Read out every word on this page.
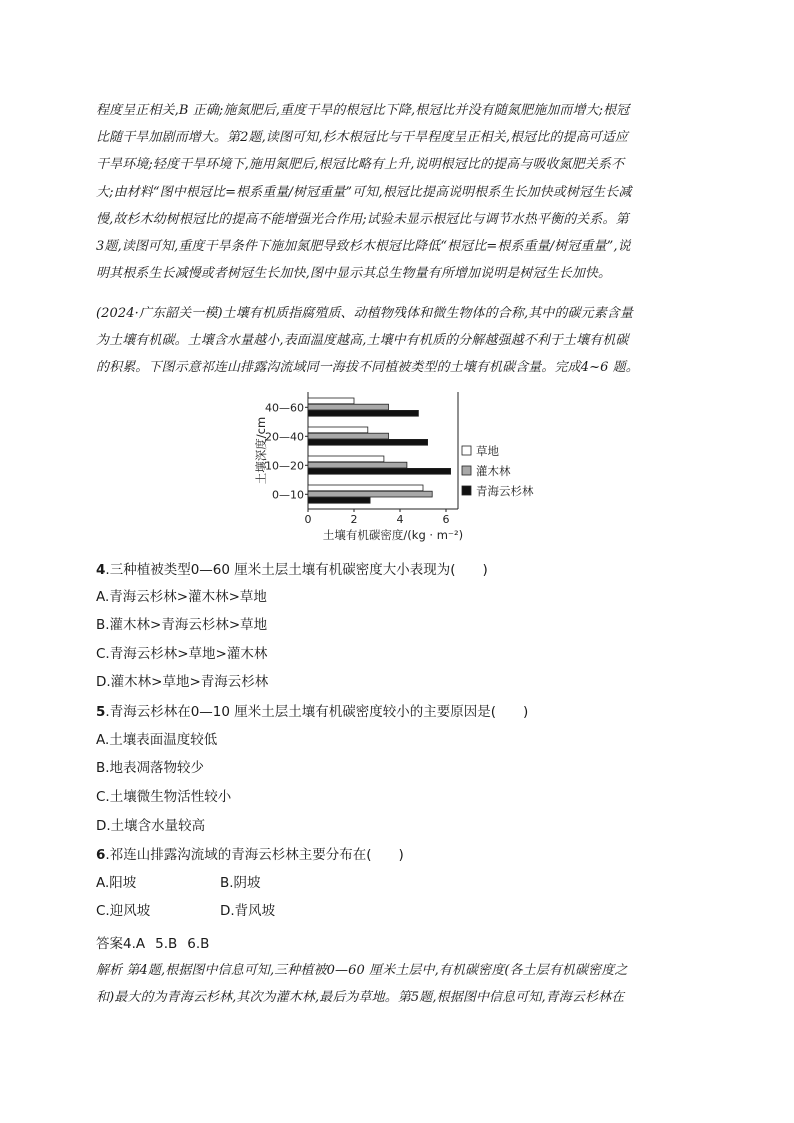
程度呈正相关,B 正确;施氮肥后,重度干旱的根冠比下降,根冠比并没有随氮肥施加而增大;根冠
比随干旱加剧而增大。第2题,读图可知,杉木根冠比与干旱程度呈正相关,根冠比的提高可适应
干旱环境;轻度干旱环境下,施用氮肥后,根冠比略有上升,说明根冠比的提高与吸收氮肥关系不
大;由材料“图中根冠比=根系重量/树冠重量”可知,根冠比提高说明根系生长加快或树冠生长减
慢,故杉木幼树根冠比的提高不能增强光合作用;试验未显示根冠比与调节水热平衡的关系。第
3题,读图可知,重度干旱条件下施加氮肥导致杉木根冠比降低“根冠比=根系重量/树冠重量”,说
明其根系生长减慢或者树冠生长加快,图中显示其总生物量有所增加说明是树冠生长加快。
(2024·广东韶关一模)土壤有机质指腐殖质、动植物残体和微生物体的合称,其中的碳元素含量
为土壤有机碳。土壤含水量越小,表面温度越高,土壤中有机质的分解越强越不利于土壤有机碳
的积累。下图示意祁连山排露沟流域同一海拔不同植被类型的土壤有机碳含量。完成4~6 题。
0	2	4	6
40—60
20—40
10—20
0—10
土壤深度/cm
土壤有机碳密度/(kg · m⁻²)
草地
灌木林
青海云杉林
4.三种植被类型0—60 厘米土层土壤有机碳密度大小表现为(　　)
A.青海云杉林>灌木林>草地
B.灌木林>青海云杉林>草地
C.青海云杉林>草地>灌木林
D.灌木林>草地>青海云杉林
5.青海云杉林在0—10 厘米土层土壤有机碳密度较小的主要原因是(　　)
A.土壤表面温度较低
B.地表凋落物较少
C.土壤微生物活性较小
D.土壤含水量较高
6.祁连山排露沟流域的青海云杉林主要分布在(　　)
A.阳坡	B.阴坡
C.迎风坡	D.背风坡
答案4.A 5.B 6.B
解析 第4题,根据图中信息可知,三种植被0—60 厘米土层中,有机碳密度(各土层有机碳密度之
和)最大的为青海云杉林,其次为灌木林,最后为草地。第5题,根据图中信息可知,青海云杉林在
